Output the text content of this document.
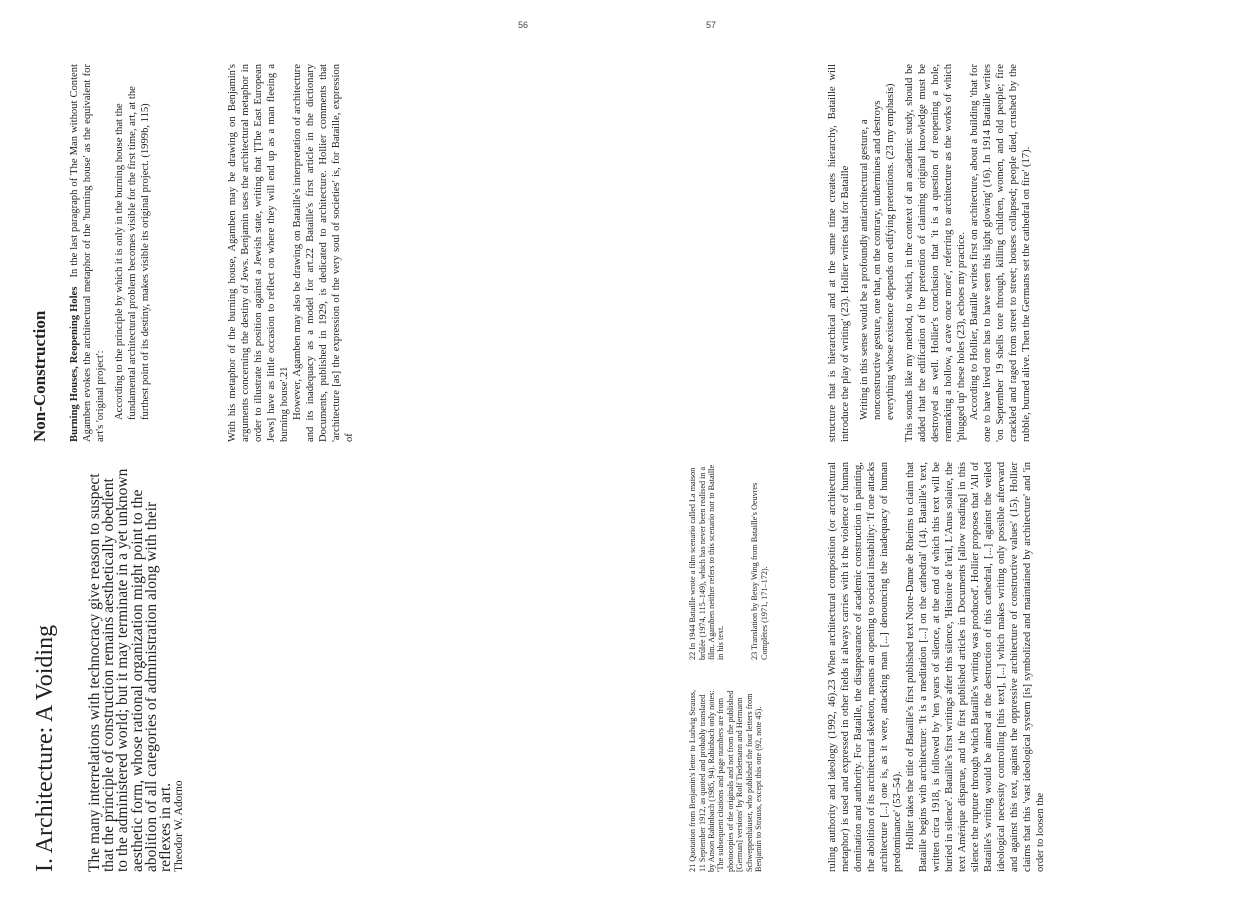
56	57
I. Architecture: A Voiding The many interrelations with technocracy give reason to suspect that the principle of construction remains aesthetically obedient to the administered world; but it may terminate in a yet unknown aesthetic form, whose rational organization might point to the abolition of all categories of administration along with their reflexes in art. Theodor W. Adorno

Non-Construction Burning Houses, Reopening Holes   In the last paragraph of The Man without Content Agamben evokes the architectural metaphor of the 'burning house' as the equivalent for art's 'original project': According to the principle by which it is only in the burning house that the fundamental architectural problem becomes visible for the first time, art, at the furthest point of its destiny, makes visible its original project. (1999b, 115)	With his metaphor of the burning house, Agamben may be drawing on Benjamin's arguments concerning the destiny of Jews. Benjamin uses the architectural metaphor in order to illustrate his position against a Jewish state, writing that '[The East European Jews] have as little occasion to reflect on where they will end up as a man fleeing a burning house'.21 However, Agamben may also be drawing on Bataille's interpretation of architecture and its inadequacy as a model for art.22 Bataille's first article in the dictionary Documents, published in 1929, is dedicated to architecture. Hollier comments that 'architecture [as] the expression of the very soul of societies' is, for Bataille, expression of

21 Quotation from Benjamin's letter to Ludwig Strauss, 11 September 1912, as quoted and probably translated by Anson Rabinbach (1985, 94). Rabinbach only notes: 'The subsequent citations and page numbers are from photocopies of the originals and not from the published [German] versions' by Rolf Tiedemann and Hermann Schweppenhäuser, who published the four letters from Benjamin to Strauss, except this one (92, note 45).

22 In 1944 Bataille wrote a film scenario called La maison brûlée (1974, 115–149), which has never been realised in a film. Agamben neither refers to this scenario nor to Bataille in his text.	23 Translation by Betsy Wing from Bataille's Oeuvres Complètes (1971, 171–172).	ruling authority and ideology (1992, 46).23 When architectural composition (or architectural metaphor) is used and expressed in other fields it always carries with it the violence of human domination and authority. For Bataille, the disappearance of academic construction in painting, the abolition of its architectural skeleton, means an opening to societal instability: 'If one attacks architecture [...] one is, as it were, attacking man [...] denouncing the inadequacy of human predominance' (53–54). Hollier takes the title of Bataille's first published text Notre-Dame de Rheims to claim that Bataille begins with architecture: 'It is a meditation [...] on the cathedral' (14). Bataille's text, written circa 1918, is followed by 'ten years of silence, at the end of which this text will be buried in silence'. Bataille's first writings after this silence, 'Histoire de l'œil, L'Anus solaire, the text Amérique disparue, and the first published articles in Documents [allow reading] in this silence the rupture through which Bataille's writing was produced'. Hollier proposes that 'All of Bataille's writing would be aimed at the destruction of this cathedral, [...] against the veiled ideological necessity controlling [this text], [...] which makes writing only possible afterward and against this text, against the oppressive architecture of constructive values' (15). Hollier claims that this 'vast ideological system [is] symbolized and maintained by architecture' and 'in order to loosen the

structure that is hierarchical and at the same time creates hierarchy, Bataille will introduce the play of writing' (23). Hollier writes that for Bataille Writing in this sense would be a profoundly antiarchitectural gesture, a nonconstructive gesture, one that, on the contrary, undermines and destroys everything whose existence depends on edifying pretentions. (23 my emphasis) This sounds like my method, to which, in the context of an academic study, should be added that the edification of the pretention of claiming original knowledge must be destroyed as well. Hollier's conclusion that 'it is a question of reopening a hole, remarking a hollow, a cave once more', referring to architecture as the works of which 'plugged up' these holes (23), echoes my practice. According to Hollier, Bataille writes first on architecture, about a building 'that for one to have lived one has to have seen this light glowing' (16). In 1914 Bataille writes 'on September 19 shells tore through, killing children, women, and old people; fire crackled and raged from street to street; houses collapsed; people died, crushed by the rubble, burned alive. Then the Germans set the cathedral on fire' (17).
